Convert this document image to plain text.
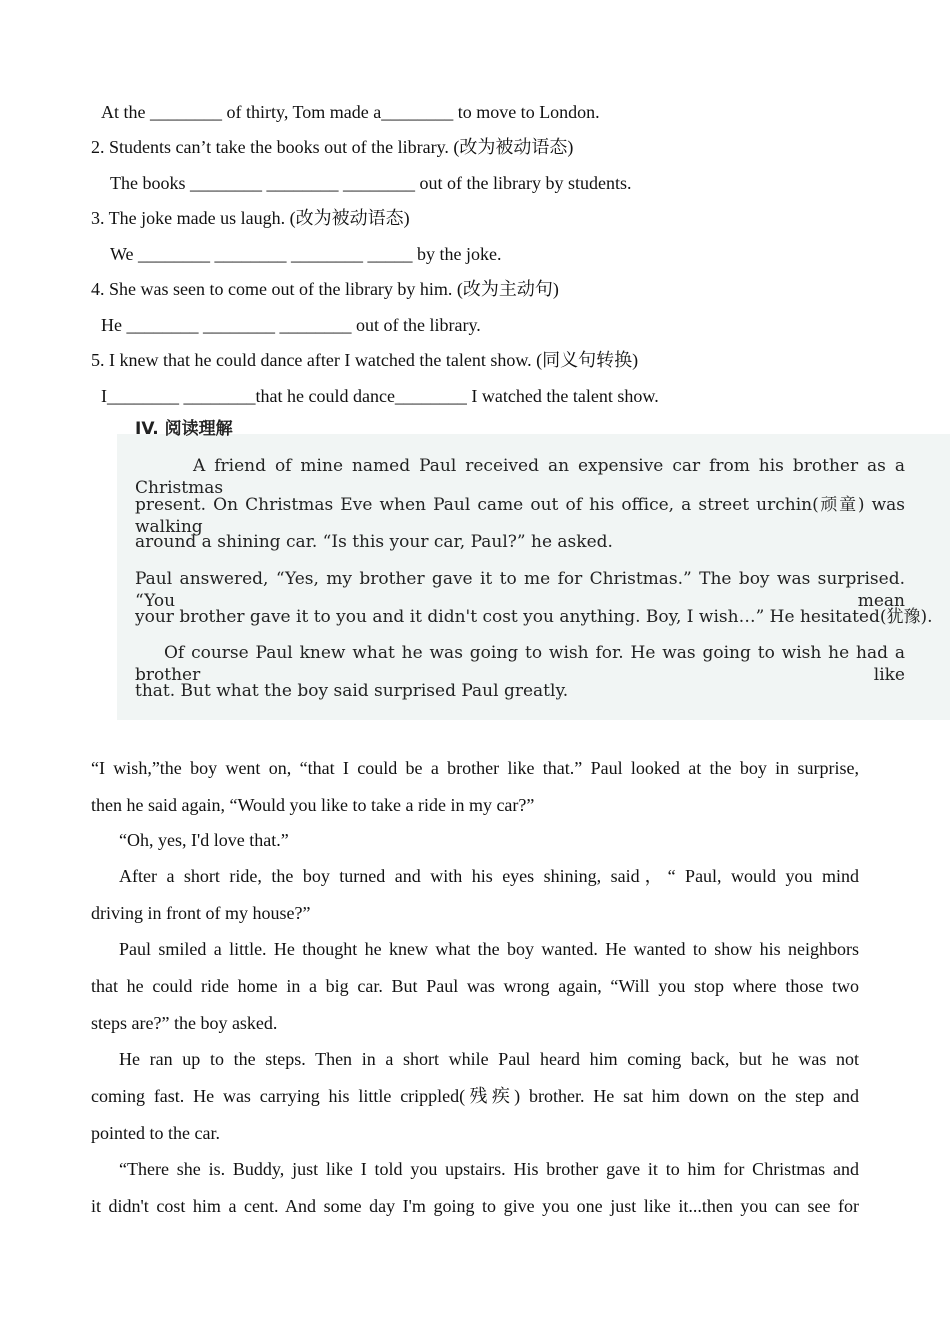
At the ________ of thirty, Tom made a________ to move to London.
2. Students can’t take the books out of the library. (改为被动语态)
The books ________ ________ ________ out of the library by students.
3. The joke made us laugh. (改为被动语态)
We ________ ________ ________ _____ by the joke.
4. She was seen to come out of the library by him. (改为主动句)
He ________ ________ ________ out of the library.
5. I knew that he could dance after I watched the talent show. (同义句转换)
I________ ________that he could dance________ I watched the talent show.
IV. 阅读理解
A friend of mine named Paul received an expensive car from his brother as a Christmas
present. On Christmas Eve when Paul came out of his office, a street urchin(顽童) was walking
around a shining car. “Is this your car, Paul?” he asked.
Paul answered, “Yes, my brother gave it to me for Christmas.” The boy was surprised. “You mean
your brother gave it to you and it didn't cost you anything. Boy, I wish…” He hesitated(犹豫).
Of course Paul knew what he was going to wish for. He was going to wish he had a brother like
that. But what the boy said surprised Paul greatly.
“I wish,”the boy went on, “that I could be a brother like that.” Paul looked at the boy in surprise,
then he said again, “Would you like to take a ride in my car?”
“Oh, yes, I'd love that.”
After a short ride, the boy turned and with his eyes shining, said，“ Paul, would you mind
driving in front of my house?”
Paul smiled a little. He thought he knew what the boy wanted. He wanted to show his neighbors
that he could ride home in a big car. But Paul was wrong again, “Will you stop where those two
steps are?” the boy asked.
He ran up to the steps. Then in a short while Paul heard him coming back, but he was not
coming fast. He was carrying his little crippled(残疾) brother. He sat him down on the step and
pointed to the car.
“There she is. Buddy, just like I told you upstairs. His brother gave it to him for Christmas and
it didn't cost him a cent. And some day I'm going to give you one just like it...then you can see for
